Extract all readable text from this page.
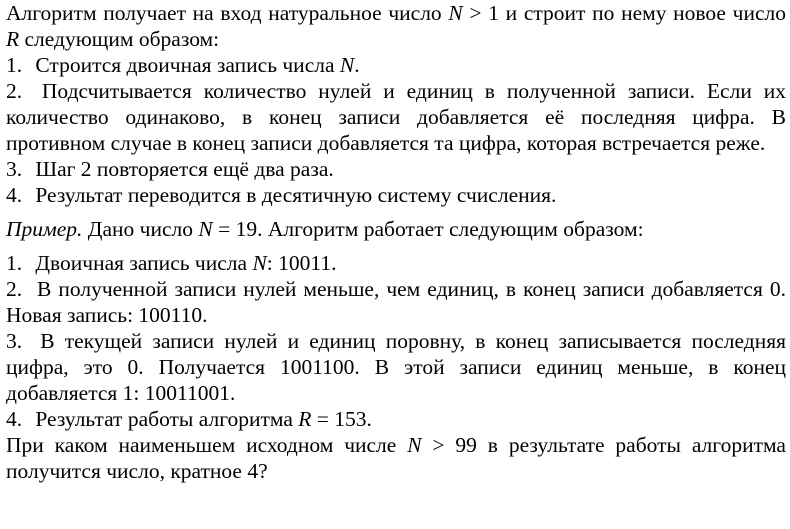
Алгоритм получает на вход натуральное число N > 1 и строит по нему новое число R следующим образом:

1. Строится двоичная запись числа N.

2. Подсчитывается количество нулей и единиц в полученной записи. Если их количество одинаково, в конец записи добавляется её последняя цифра. В противном случае в конец записи добавляется та цифра, которая встречается реже.

3. Шаг 2 повторяется ещё два раза.

4. Результат переводится в десятичную систему счисления.

Пример. Дано число N = 19. Алгоритм работает следующим образом:

1. Двоичная запись числа N: 10011.

2. В полученной записи нулей меньше, чем единиц, в конец записи добавляется 0. Новая запись: 100110.

3. В текущей записи нулей и единиц поровну, в конец записывается последняя цифра, это 0. Получается 1001100. В этой записи единиц меньше, в конец добавляется 1: 10011001.

4. Результат работы алгоритма R = 153.

При каком наименьшем исходном числе N > 99 в результате работы алгоритма получится число, кратное 4?
